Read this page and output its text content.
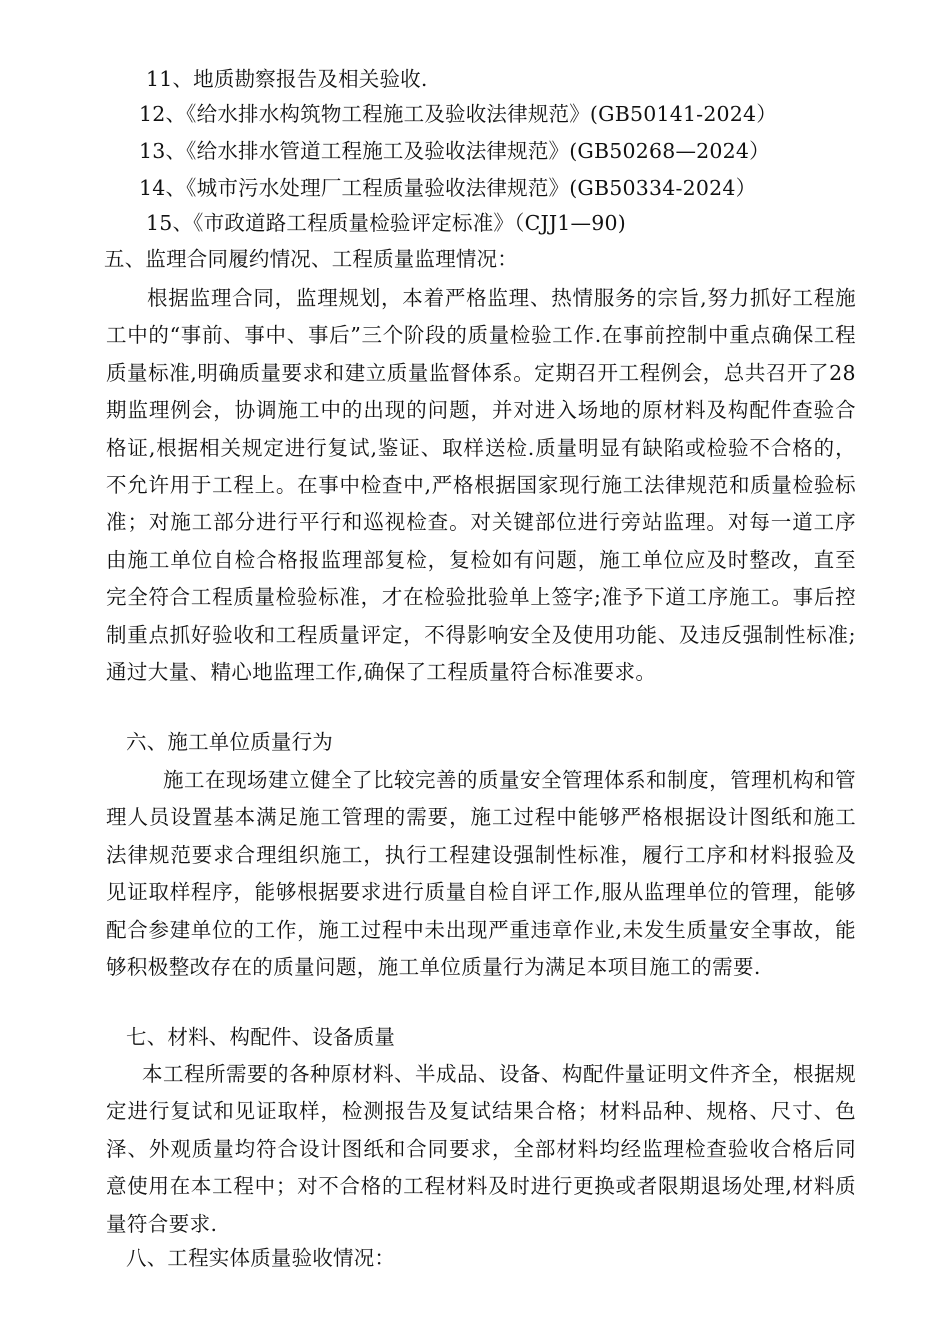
11、地质勘察报告及相关验收.
12、《给水排水构筑物工程施工及验收法律规范》(GB50141-2024）
13、《给水排水管道工程施工及验收法律规范》(GB50268—2024）
14、《城市污水处理厂工程质量验收法律规范》(GB50334-2024）
15、《市政道路工程质量检验评定标准》（CJJ1—90)
五、监理合同履约情况、工程质量监理情况：
根据监理合同，监理规划，本着严格监理、热情服务的宗旨,努力抓好工程施工中的“事前、事中、事后”三个阶段的质量检验工作.在事前控制中重点确保工程质量标准,明确质量要求和建立质量监督体系。定期召开工程例会，总共召开了28期监理例会，协调施工中的出现的问题，并对进入场地的原材料及构配件查验合格证,根据相关规定进行复试,鉴证、取样送检.质量明显有缺陷或检验不合格的，不允许用于工程上。在事中检查中,严格根据国家现行施工法律规范和质量检验标准；对施工部分进行平行和巡视检查。对关键部位进行旁站监理。对每一道工序由施工单位自检合格报监理部复检，复检如有问题，施工单位应及时整改，直至完全符合工程质量检验标准，才在检验批验单上签字;准予下道工序施工。事后控制重点抓好验收和工程质量评定，不得影响安全及使用功能、及违反强制性标准;通过大量、精心地监理工作,确保了工程质量符合标准要求。
六、施工单位质量行为
施工在现场建立健全了比较完善的质量安全管理体系和制度，管理机构和管理人员设置基本满足施工管理的需要，施工过程中能够严格根据设计图纸和施工法律规范要求合理组织施工，执行工程建设强制性标准，履行工序和材料报验及见证取样程序，能够根据要求进行质量自检自评工作,服从监理单位的管理，能够配合参建单位的工作，施工过程中未出现严重违章作业,未发生质量安全事故，能够积极整改存在的质量问题，施工单位质量行为满足本项目施工的需要.
七、材料、构配件、设备质量
本工程所需要的各种原材料、半成品、设备、构配件量证明文件齐全，根据规定进行复试和见证取样，检测报告及复试结果合格；材料品种、规格、尺寸、色泽、外观质量均符合设计图纸和合同要求，全部材料均经监理检查验收合格后同意使用在本工程中；对不合格的工程材料及时进行更换或者限期退场处理,材料质量符合要求.
八、工程实体质量验收情况：
